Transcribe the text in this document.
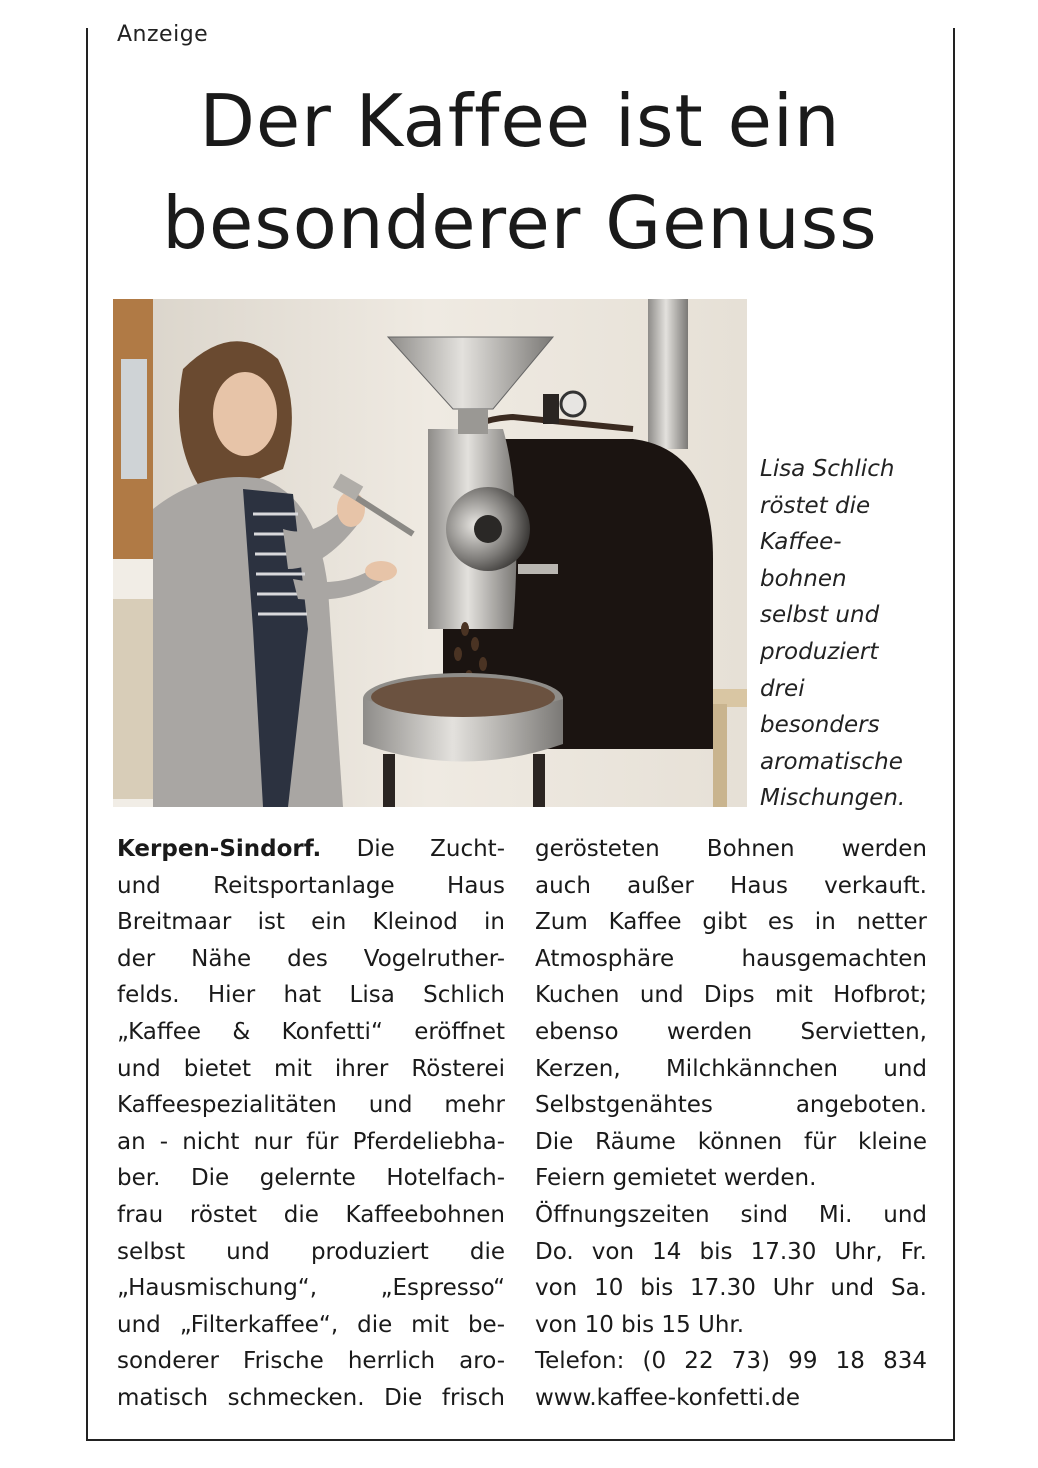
Anzeige
Der Kaffee ist ein
besonderer Genuss
Lisa Schlich
röstet die
Kaffee-
bohnen
selbst und
produziert
drei
besonders
aromatische
Mischungen.
Kerpen-Sindorf. Die Zucht-
und Reitsportanlage Haus
Breitmaar ist ein Kleinod in
der Nähe des Vogelruther-
felds. Hier hat Lisa Schlich
„Kaffee & Konfetti“ eröffnet
und bietet mit ihrer Rösterei
Kaffeespezialitäten und mehr
an - nicht nur für Pferdeliebha-
ber. Die gelernte Hotelfach-
frau röstet die Kaffeebohnen
selbst und produziert die
„Hausmischung“, „Espresso“
und „Filterkaffee“, die mit be-
sonderer Frische herrlich aro-
matisch schmecken. Die frisch
gerösteten Bohnen werden
auch außer Haus verkauft.
Zum Kaffee gibt es in netter
Atmosphäre hausgemachten
Kuchen und Dips mit Hofbrot;
ebenso werden Servietten,
Kerzen, Milchkännchen und
Selbstgenähtes angeboten.
Die Räume können für kleine
Feiern gemietet werden.
Öffnungszeiten sind Mi. und
Do. von 14 bis 17.30 Uhr, Fr.
von 10 bis 17.30 Uhr und Sa.
von 10 bis 15 Uhr.
Telefon: (0 22 73) 99 18 834
www.kaffee-konfetti.de
